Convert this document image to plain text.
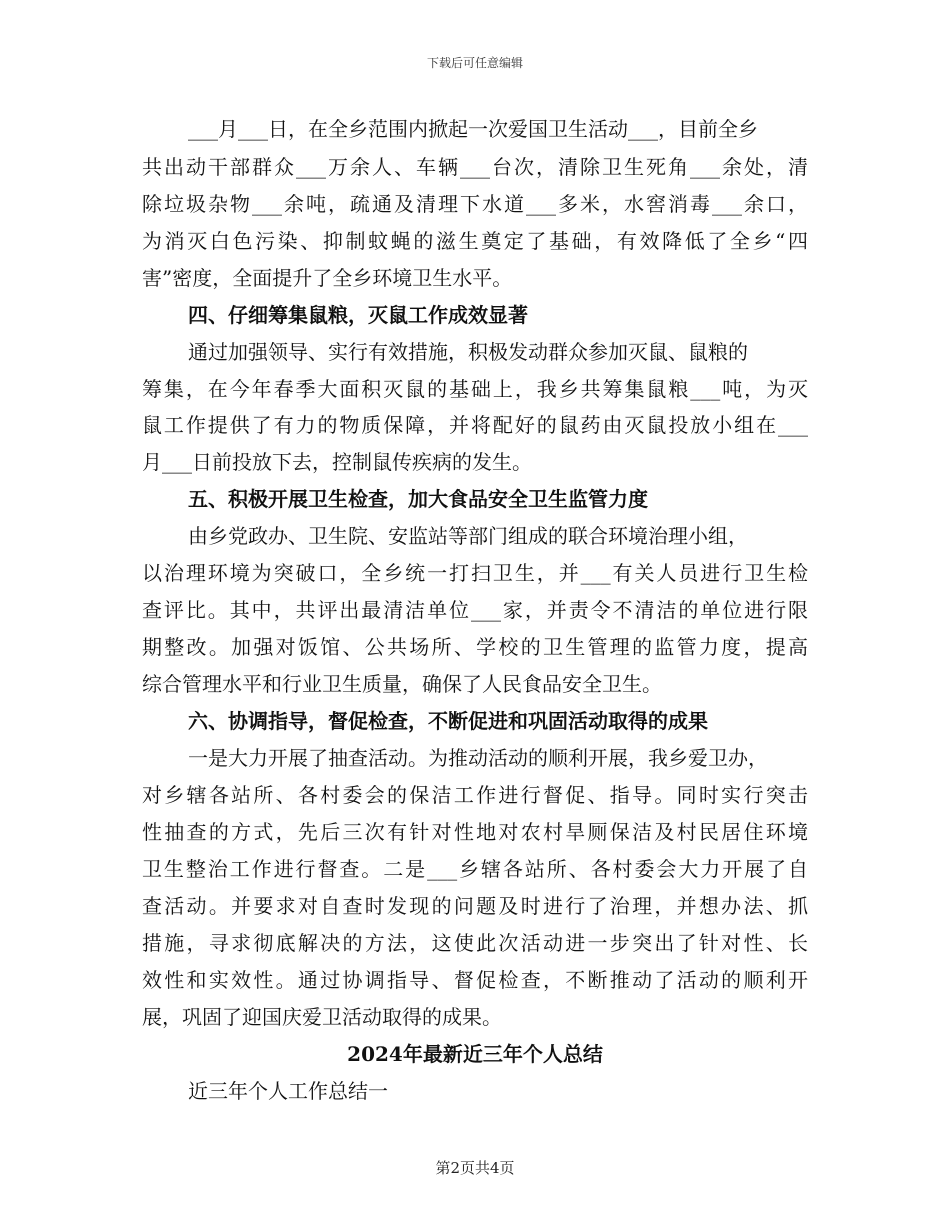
下载后可任意编辑
___月___日，在全乡范围内掀起一次爱国卫生活动___，目前全乡
共出动干部群众___万余人、车辆___台次，清除卫生死角___余处，清
除垃圾杂物___余吨，疏通及清理下水道___多米，水窖消毒___余口，
为消灭白色污染、抑制蚊蝇的滋生奠定了基础，有效降低了全乡“四
害”密度，全面提升了全乡环境卫生水平。
四、仔细筹集鼠粮，灭鼠工作成效显著
通过加强领导、实行有效措施，积极发动群众参加灭鼠、鼠粮的
筹集，在今年春季大面积灭鼠的基础上，我乡共筹集鼠粮___吨，为灭
鼠工作提供了有力的物质保障，并将配好的鼠药由灭鼠投放小组在___
月___日前投放下去，控制鼠传疾病的发生。
五、积极开展卫生检查，加大食品安全卫生监管力度
由乡党政办、卫生院、安监站等部门组成的联合环境治理小组，
以治理环境为突破口，全乡统一打扫卫生，并___有关人员进行卫生检
查评比。其中，共评出最清洁单位___家，并责令不清洁的单位进行限
期整改。加强对饭馆、公共场所、学校的卫生管理的监管力度，提高
综合管理水平和行业卫生质量，确保了人民食品安全卫生。
六、协调指导，督促检查，不断促进和巩固活动取得的成果
一是大力开展了抽查活动。为推动活动的顺利开展，我乡爱卫办，
对乡辖各站所、各村委会的保洁工作进行督促、指导。同时实行突击
性抽查的方式，先后三次有针对性地对农村旱厕保洁及村民居住环境
卫生整治工作进行督查。二是___乡辖各站所、各村委会大力开展了自
查活动。并要求对自查时发现的问题及时进行了治理，并想办法、抓
措施，寻求彻底解决的方法，这使此次活动进一步突出了针对性、长
效性和实效性。通过协调指导、督促检查，不断推动了活动的顺利开
展，巩固了迎国庆爱卫活动取得的成果。
2024年最新近三年个人总结
近三年个人工作总结一
第2页共4页
